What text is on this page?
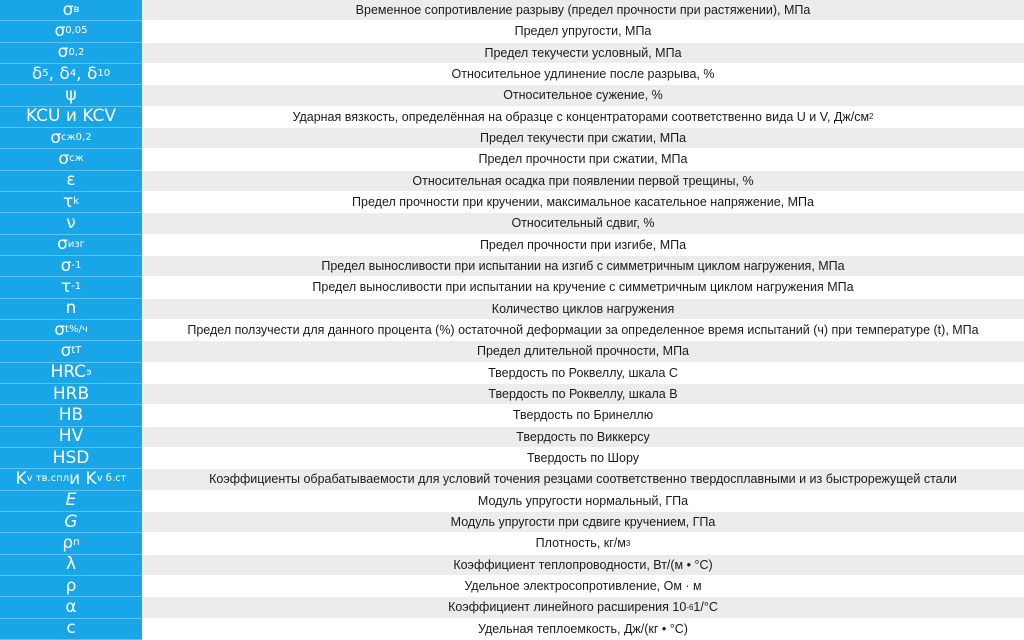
σ в	Временное сопротивление разрыву (предел прочности при растяжении), МПа
σ 0,05	Предел упругости, МПа
σ 0,2	Предел текучести условный, МПа
δ 5 , δ 4 , δ 10	Относительное удлинение после разрыва, %
ψ	Относительное сужение, %
KCU и KCV	Ударная вязкость, определённая на образце с концентраторами соответственно вида U и V, Дж/см 2
σ сж0,2	Предел текучести при сжатии, МПа
σ сж	Предел прочности при сжатии, МПа
ε	Относительная осадка при появлении первой трещины, %
τ k	Предел прочности при кручении, максимальное касательное напряжение, МПа
ν	Относительный сдвиг, %
σ изг	Предел прочности при изгибе, МПа
σ -1	Предел выносливости при испытании на изгиб с симметричным циклом нагружения, МПа
τ -1	Предел выносливости при испытании на кручение с симметричным циклом нагружения МПа
n	Количество циклов нагружения
σ t %/ч	Предел ползучести для данного процента (%) остаточной деформации за определенное время испытаний (ч) при температуре (t), МПа
σ t T	Предел длительной прочности, МПа
HRC э	Твердость по Роквеллу, шкала С
HRB	Твердость по Роквеллу, шкала В
HB	Твердость по Бринеллю
HV	Твердость по Виккерсу
HSD	Твердость по Шору
K v тв.спл и K v б.ст	Коэффициенты обрабатываемости для условий точения резцами соответственно твердосплавными и из быстрорежущей стали
E	Модуль упругости нормальный, ГПа
G	Модуль упругости при сдвиге кручением, ГПа
ρ п	Плотность, кг/м 3
λ	Коэффициент теплопроводности, Вт/(м • °С)
ρ	Удельное электросопротивление, Ом · м
α	Коэффициент линейного расширения 10 -6 1/°С
c	Удельная теплоемкость, Дж/(кг • °С)
